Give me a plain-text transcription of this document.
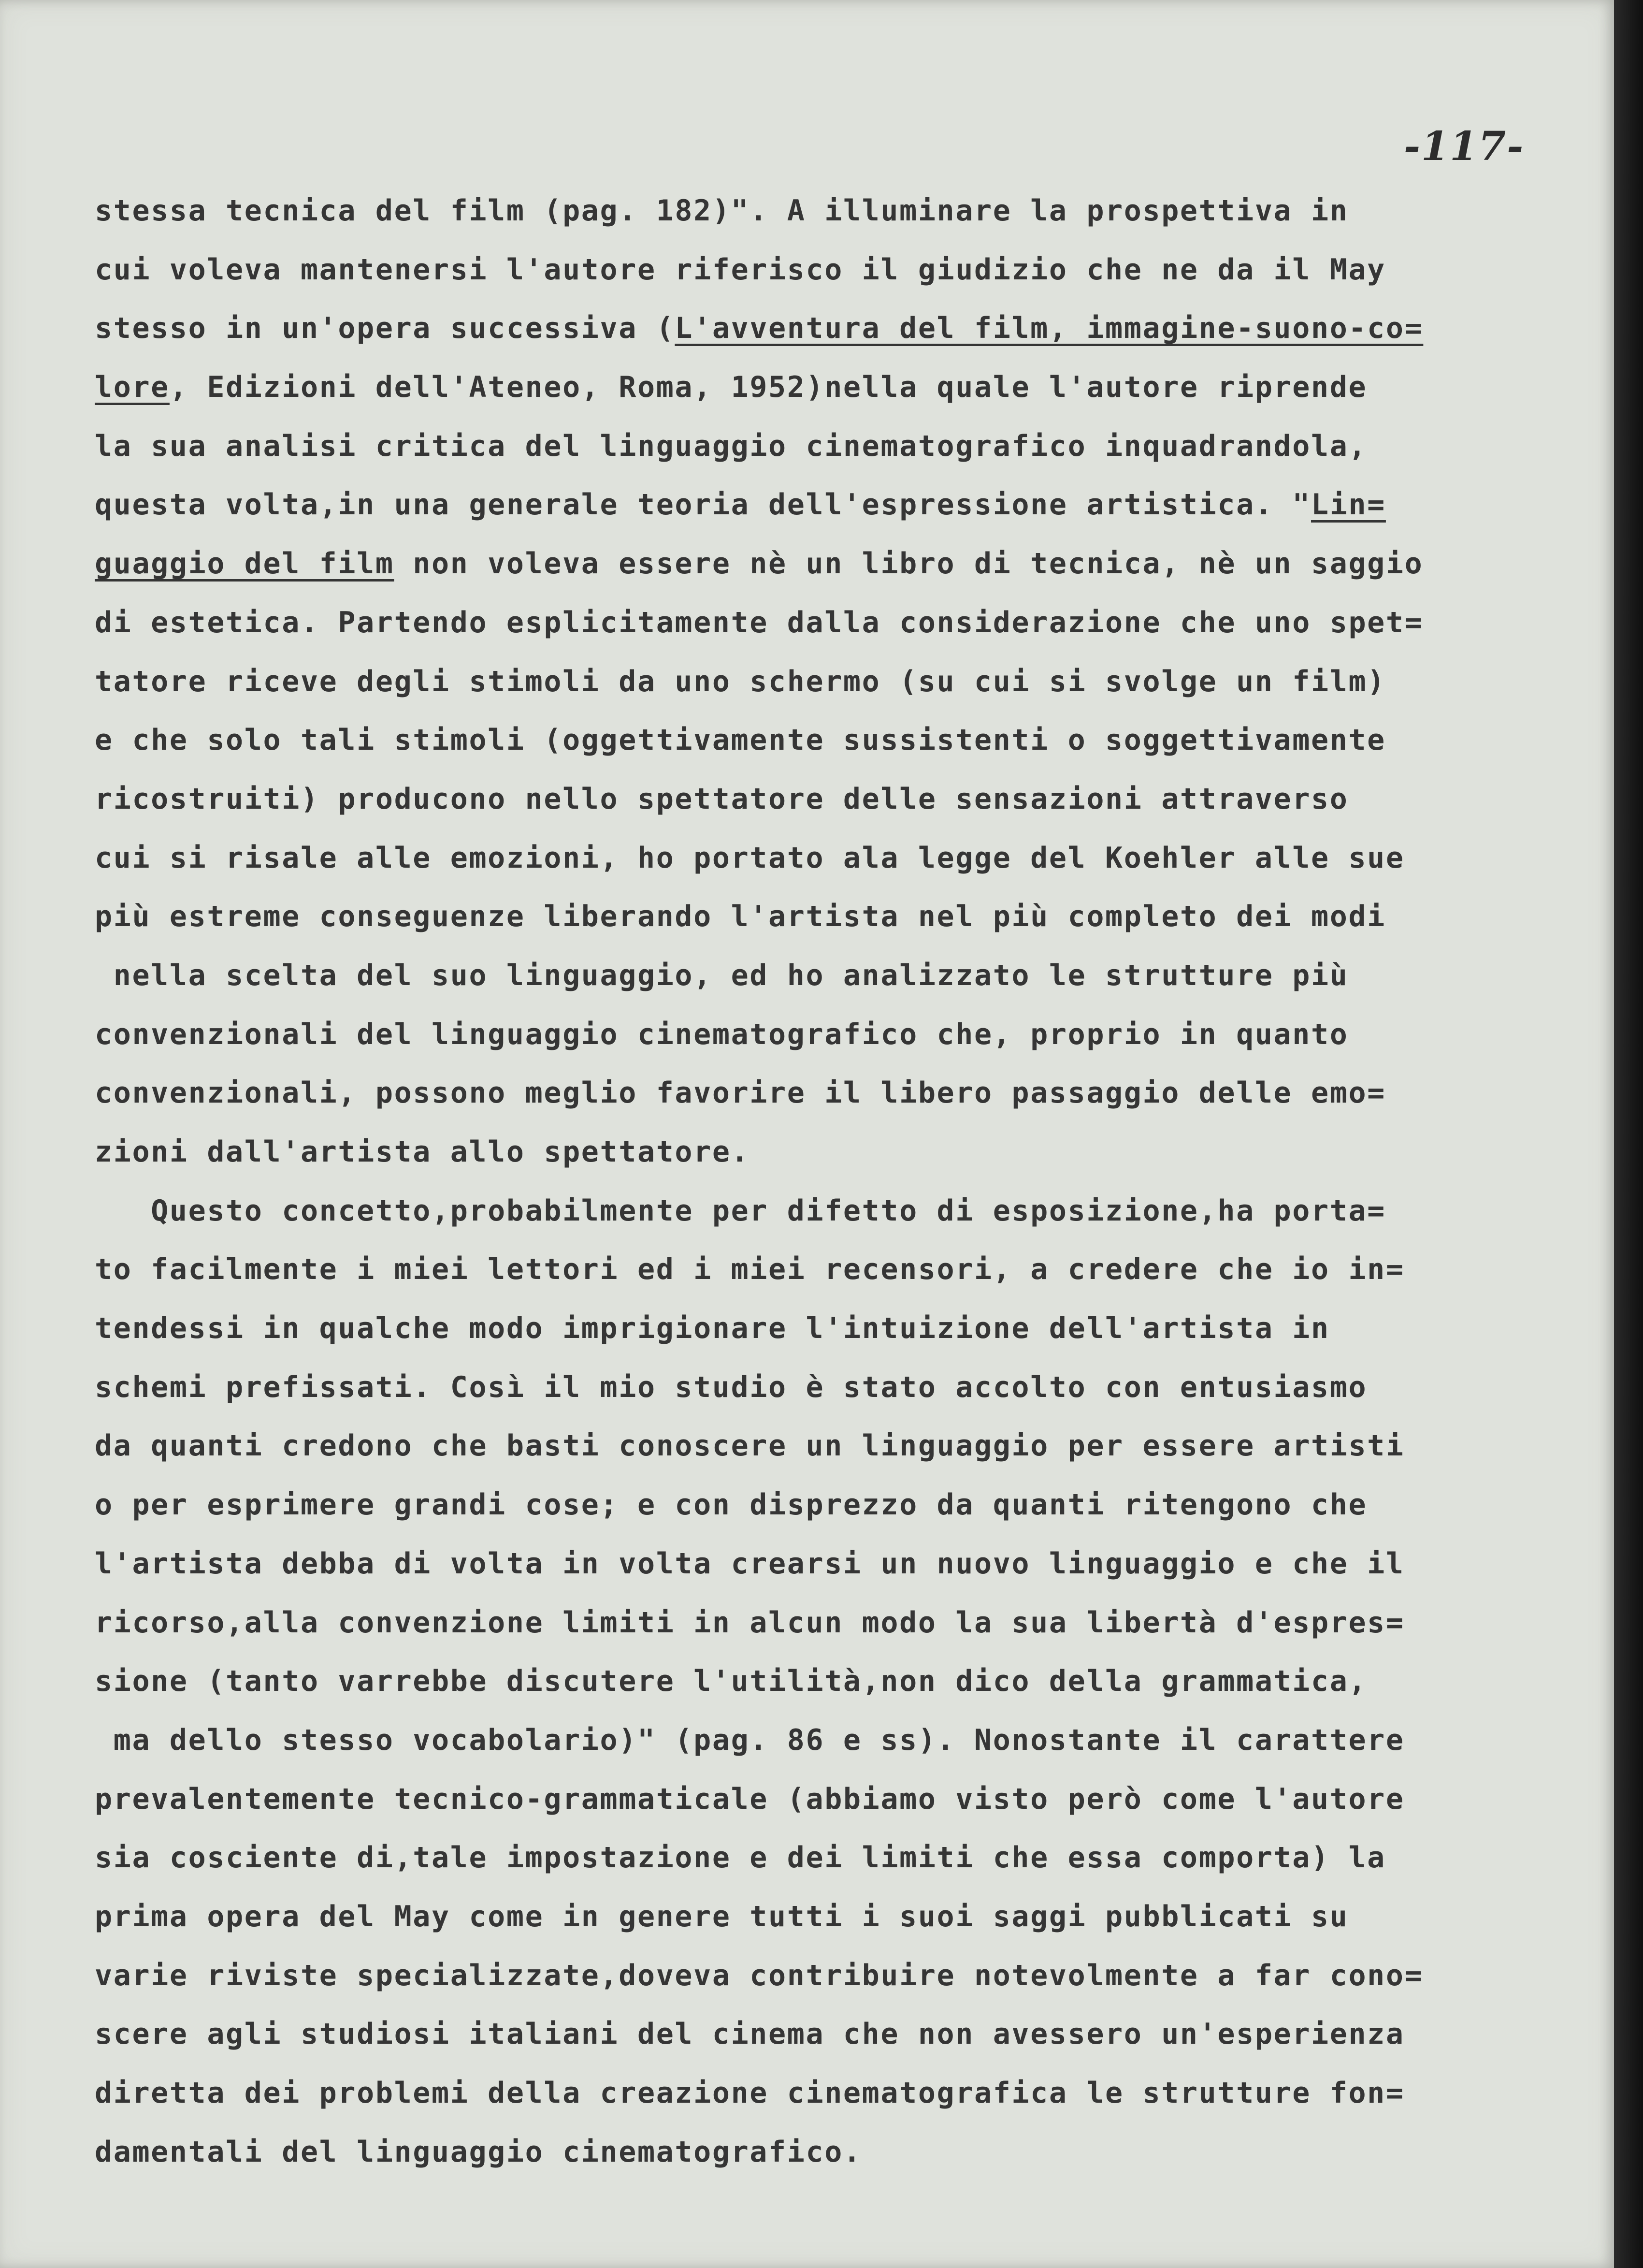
-117-
stessa tecnica del film (pag. 182)". A illuminare la prospettiva in
cui voleva mantenersi l'autore riferisco il giudizio che ne da il May
stesso in un'opera successiva (L'avventura del film, immagine-suono-co=
lore, Edizioni dell'Ateneo, Roma, 1952)nella quale l'autore riprende
la sua analisi critica del linguaggio cinematografico inquadrandola,
questa volta,in una generale teoria dell'espressione artistica. "Lin=
guaggio del film non voleva essere nè un libro di tecnica, nè un saggio
di estetica. Partendo esplicitamente dalla considerazione che uno spet=
tatore riceve degli stimoli da uno schermo (su cui si svolge un film)
e che solo tali stimoli (oggettivamente sussistenti o soggettivamente
ricostruiti) producono nello spettatore delle sensazioni attraverso
cui si risale alle emozioni, ho portato ala legge del Koehler alle sue
più estreme conseguenze liberando l'artista nel più completo dei modi
nella scelta del suo linguaggio, ed ho analizzato le strutture più
convenzionali del linguaggio cinematografico che, proprio in quanto
convenzionali, possono meglio favorire il libero passaggio delle emo=
zioni dall'artista allo spettatore.
Questo concetto,probabilmente per difetto di esposizione,ha porta=
to facilmente i miei lettori ed i miei recensori, a credere che io in=
tendessi in qualche modo imprigionare l'intuizione dell'artista in
schemi prefissati. Così il mio studio è stato accolto con entusiasmo
da quanti credono che basti conoscere un linguaggio per essere artisti
o per esprimere grandi cose; e con disprezzo da quanti ritengono che
l'artista debba di volta in volta crearsi un nuovo linguaggio e che il
ricorso,alla convenzione limiti in alcun modo la sua libertà d'espres=
sione (tanto varrebbe discutere l'utilità,non dico della grammatica,
ma dello stesso vocabolario)" (pag. 86 e ss). Nonostante il carattere
prevalentemente tecnico-grammaticale (abbiamo visto però come l'autore
sia cosciente di,tale impostazione e dei limiti che essa comporta) la
prima opera del May come in genere tutti i suoi saggi pubblicati su
varie riviste specializzate,doveva contribuire notevolmente a far cono=
scere agli studiosi italiani del cinema che non avessero un'esperienza
diretta dei problemi della creazione cinematografica le strutture fon=
damentali del linguaggio cinematografico.
